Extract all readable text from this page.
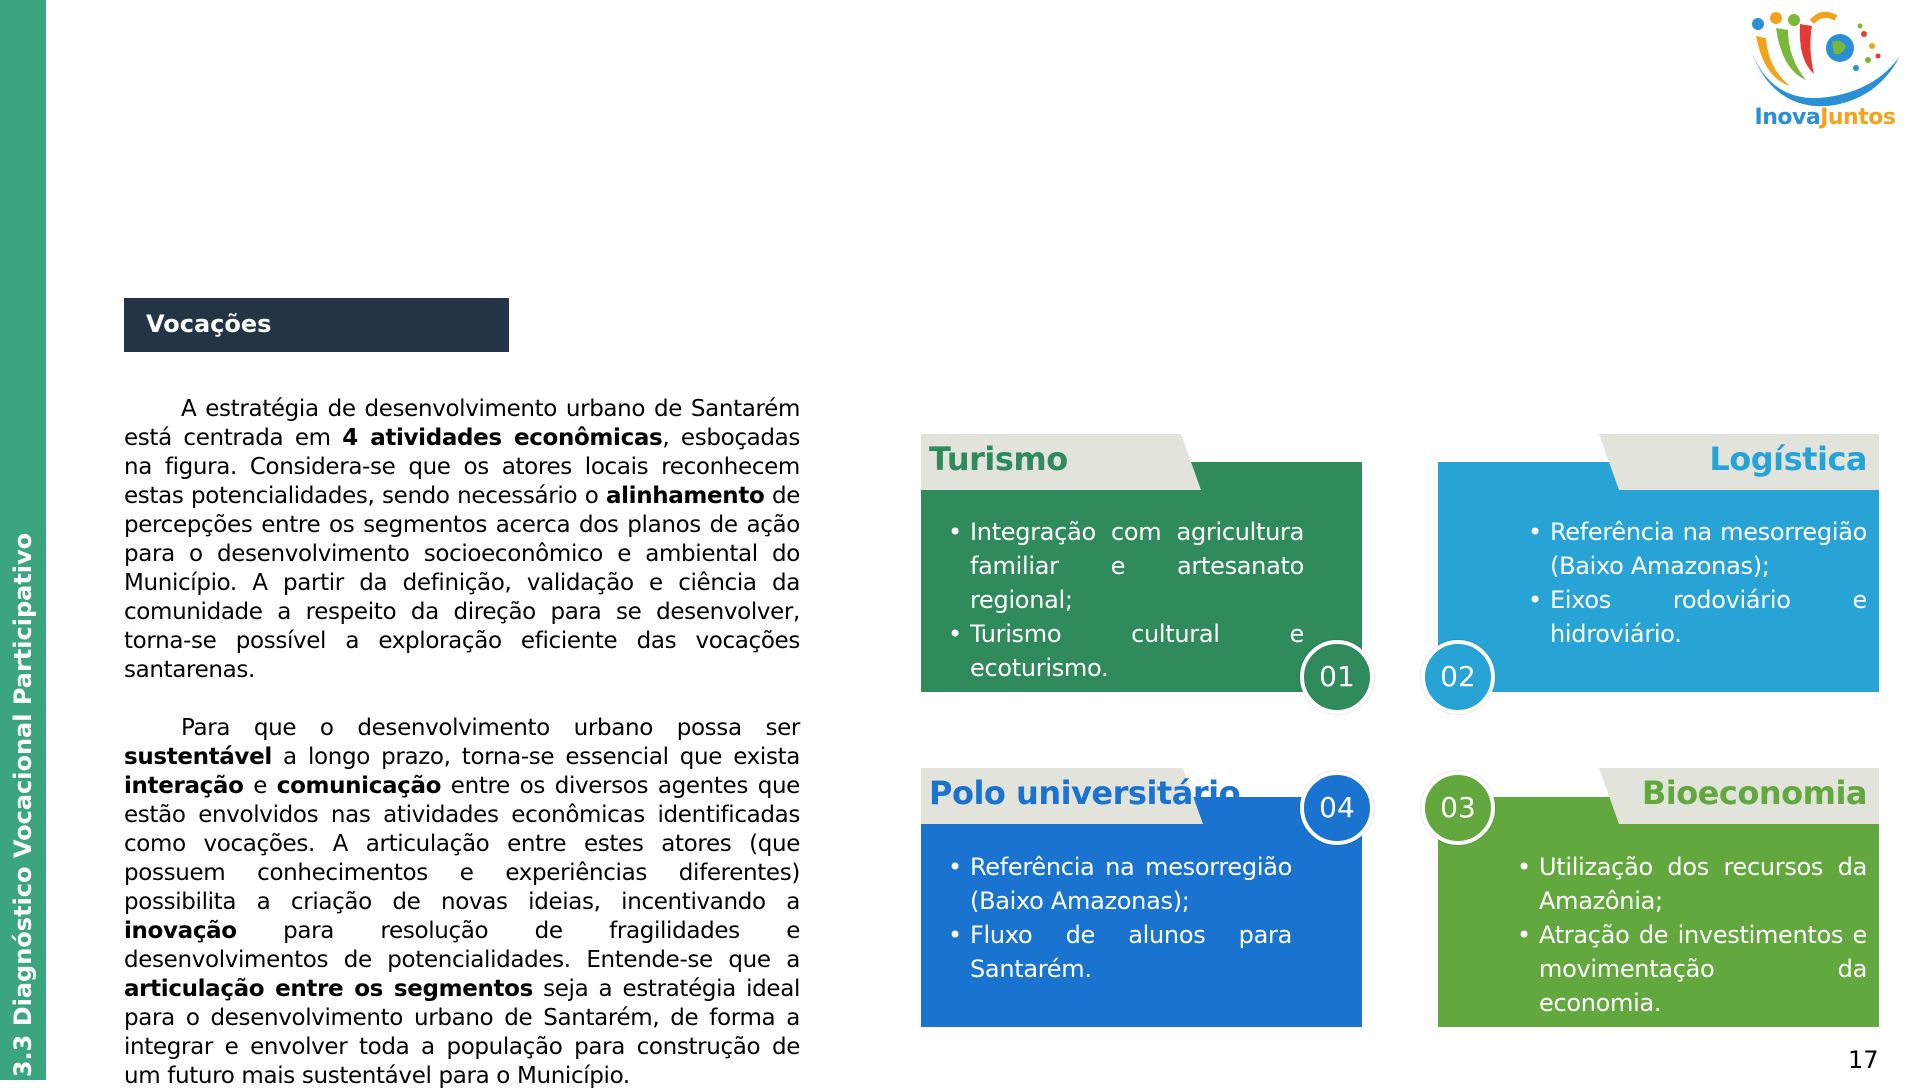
3.3 Diagnóstico Vocacional Participativo
InovaJuntos
Vocações

A estratégia de desenvolvimento urbano de Santarém está centrada em 4 atividades econômicas, esboçadas na figura. Considera-se que os atores locais reconhecem estas potencialidades, sendo necessário o alinhamento de percepções entre os segmentos acerca dos planos de ação para o desenvolvimento socioeconômico e ambiental do Município. A partir da definição, validação e ciência da comunidade a respeito da direção para se desenvolver, torna-se possível a exploração eficiente das vocações santarenas.

Para que o desenvolvimento urbano possa ser sustentável a longo prazo, torna-se essencial que exista interação e comunicação entre os diversos agentes que estão envolvidos nas atividades econômicas identificadas como vocações. A articulação entre estes atores (que possuem conhecimentos e experiências diferentes) possibilita a criação de novas ideias, incentivando a inovação para resolução de fragilidades e desenvolvimentos de potencialidades. Entende-se que a articulação entre os segmentos seja a estratégia ideal para o desenvolvimento urbano de Santarém, de forma a integrar e envolver toda a população para construção de um futuro mais sustentável para o Município.

Turismo
• Integração com agricultura familiar e artesanato regional;
• Turismo cultural e ecoturismo.	01
Logística
• Referência na mesorregião (Baixo Amazonas);
• Eixos rodoviário e hidroviário.
02
Polo universitário
• Referência na mesorregião (Baixo Amazonas);
• Fluxo de alunos para Santarém.
04	Bioeconomia
• Utilização dos recursos da Amazônia;
• Atração de investimentos e movimentação da economia.
03
17
